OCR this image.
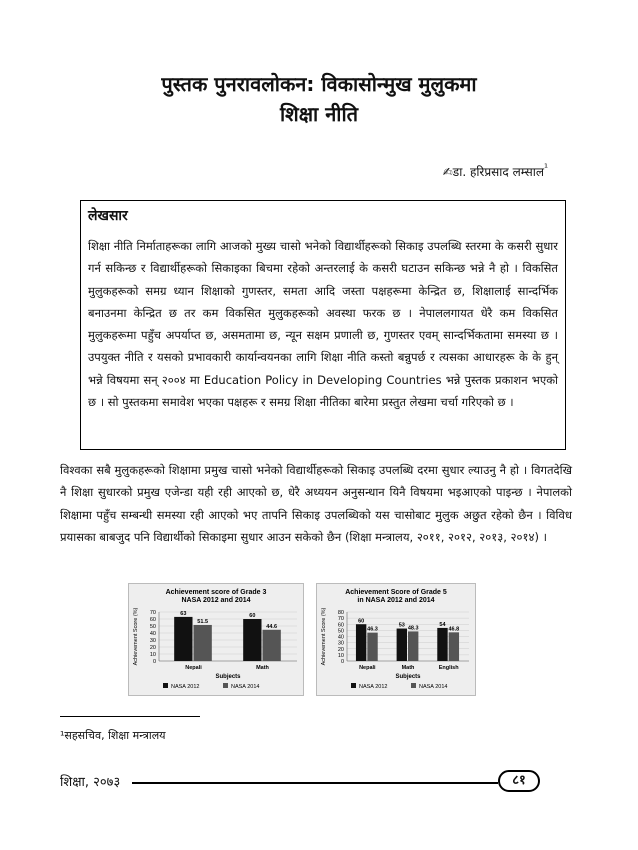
पुस्तक पुनरावलोकन: विकासोन्मुख मुलुकमा
शिक्षा नीति
✍डा. हरिप्रसाद लम्साल$^{^1}$
लेखसार
शिक्षा नीति निर्माताहरूका लागि आजको मुख्य चासो भनेको विद्यार्थीहरूको सिकाइ उपलब्धि स्तरमा के कसरी सुधार गर्न सकिन्छ र विद्यार्थीहरूको सिकाइका बिचमा रहेको अन्तरलाई के कसरी घटाउन सकिन्छ भन्ने नै हो । विकसित मुलुकहरूको समग्र ध्यान शिक्षाको गुणस्तर, समता आदि जस्ता पक्षहरूमा केन्द्रित छ, शिक्षालाई सान्दर्भिक बनाउनमा केन्द्रित छ तर कम विकसित मुलुकहरूको अवस्था फरक छ । नेपाललगायत धेरै कम विकसित मुलुकहरूमा पहुँच अपर्याप्त छ, असमतामा छ, न्यून सक्षम प्रणाली छ, गुणस्तर एवम् सान्दर्भिकतामा समस्या छ । उपयुक्त नीति र यसको प्रभावकारी कार्यान्वयनका लागि शिक्षा नीति कस्तो बन्नुपर्छ र त्यसका आधारहरू के के हुन् भन्ने विषयमा सन् २००४ मा Education Policy in Developing Countries भन्ने पुस्तक प्रकाशन भएको छ । सो पुस्तकमा समावेश भएका पक्षहरू र समग्र शिक्षा नीतिका बारेमा प्रस्तुत लेखमा चर्चा गरिएको छ ।
विश्वका सबै मुलुकहरूको शिक्षामा प्रमुख चासो भनेको विद्यार्थीहरूको सिकाइ उपलब्धि दरमा सुधार ल्याउनु नै हो । विगतदेखि नै शिक्षा सुधारको प्रमुख एजेन्डा यही रही आएको छ, धेरै अध्ययन अनुसन्धान यिनै विषयमा भइआएको पाइन्छ । नेपालको शिक्षामा पहुँच सम्बन्धी समस्या रही आएको भए तापनि सिकाइ उपलब्धिको यस चासोबाट मुलुक अछुत रहेको छैन । विविध प्रयासका बाबजुद पनि विद्यार्थीको सिकाइमा सुधार आउन सकेको छैन (शिक्षा मन्त्रालय, २०११, २०१२, २०१३, २०१४) ।
Achievement score of Grade 3 NASA 2012 and 2014
0
10
20
30
40
50
60
70
Achievement Score (%)	63
51.5
Nepali
60
44.6
Math
Subjects
NASA 2012	NASA 2014
Achievement Score of Grade 5 in NASA 2012 and 2014
0
10
20
30
40
50
60
70
80
Achievement Score (%)	60
46.3
Nepali
53 48.3
Math
54
46.8
English
Subjects
NASA 2012	NASA 2014
¹सहसचिव, शिक्षा मन्त्रालय
शिक्षा, २०७३	८१
